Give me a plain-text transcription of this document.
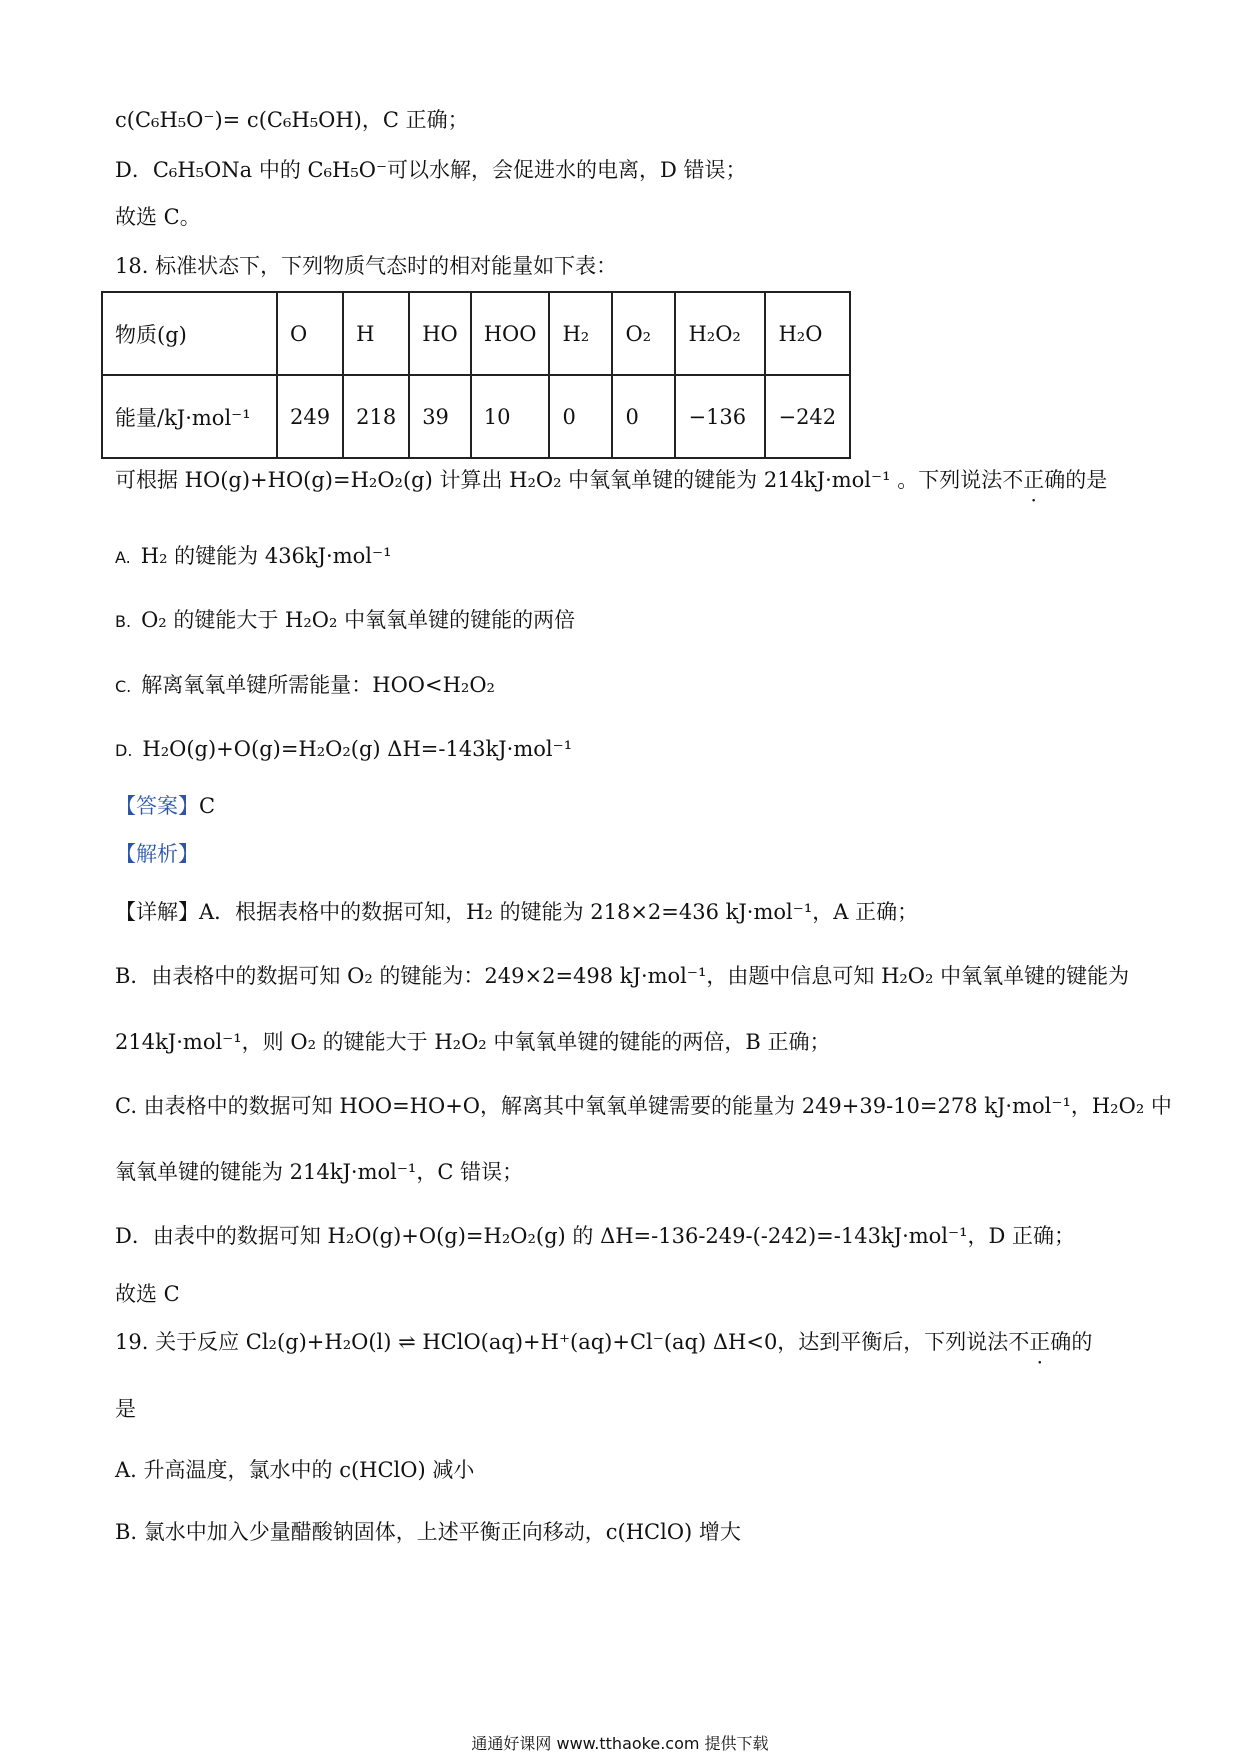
c(C₆H₅O⁻)= c(C₆H₅OH)，C 正确；
D．C₆H₅ONa 中的 C₆H₅O⁻可以水解，会促进水的电离，D 错误；
故选 C。
18. 标准状态下，下列物质气态时的相对能量如下表：
物质(g)	O	H	HO	HOO	H₂	O₂	H₂O₂	H₂O
能量/kJ·mol⁻¹	249	218	39	10	0	0	−136	−242
可根据 HO(g)+HO(g)=H₂O₂(g) 计算出 H₂O₂ 中氧氧单键的键能为 214kJ·mol⁻¹ 。下列说法不正确的是
A. H₂ 的键能为 436kJ·mol⁻¹
B. O₂ 的键能大于 H₂O₂ 中氧氧单键的键能的两倍
C. 解离氧氧单键所需能量：HOO<H₂O₂
D. H₂O(g)+O(g)=H₂O₂(g) ΔH=-143kJ·mol⁻¹
【答案】C
【解析】
【详解】A．根据表格中的数据可知，H₂ 的键能为 218×2=436 kJ·mol⁻¹，A 正确；
B．由表格中的数据可知 O₂ 的键能为：249×2=498 kJ·mol⁻¹，由题中信息可知 H₂O₂ 中氧氧单键的键能为
214kJ·mol⁻¹，则 O₂ 的键能大于 H₂O₂ 中氧氧单键的键能的两倍，B 正确；
C. 由表格中的数据可知 HOO=HO+O，解离其中氧氧单键需要的能量为 249+39-10=278 kJ·mol⁻¹，H₂O₂ 中
氧氧单键的键能为 214kJ·mol⁻¹，C 错误；
D．由表中的数据可知 H₂O(g)+O(g)=H₂O₂(g) 的 ΔH=-136-249-(-242)=-143kJ·mol⁻¹，D 正确；
故选 C
19. 关于反应 Cl₂(g)+H₂O(l) ⇌ HClO(aq)+H⁺(aq)+Cl⁻(aq) ΔH<0，达到平衡后，下列说法不正确的
是
A. 升高温度，氯水中的 c(HClO) 减小
B. 氯水中加入少量醋酸钠固体，上述平衡正向移动，c(HClO) 增大
通通好课网 www.tthaoke.com 提供下载
